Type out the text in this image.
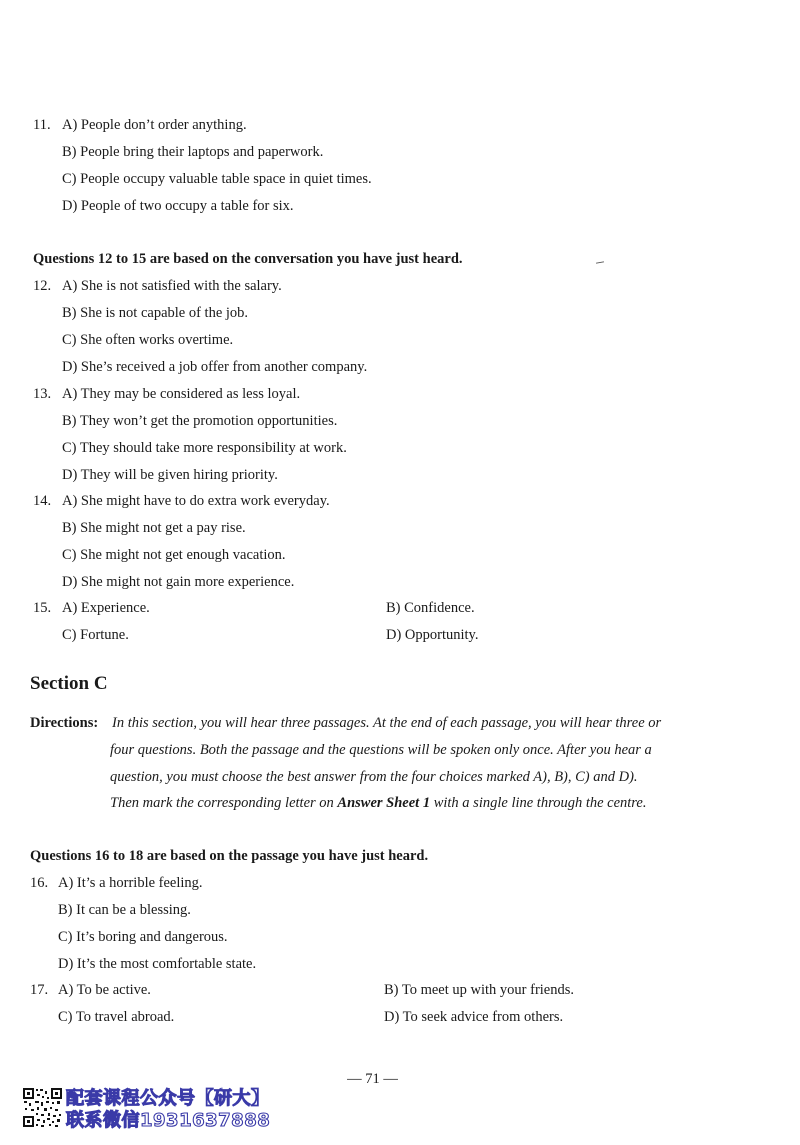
11. A) People don’t order anything.
B) People bring their laptops and paperwork.
C) People occupy valuable table space in quiet times.
D) People of two occupy a table for six.
Questions 12 to 15 are based on the conversation you have just heard.
12. A) She is not satisfied with the salary.
B) She is not capable of the job.
C) She often works overtime.
D) She’s received a job offer from another company.
13. A) They may be considered as less loyal.
B) They won’t get the promotion opportunities.
C) They should take more responsibility at work.
D) They will be given hiring priority.
14. A) She might have to do extra work everyday.
B) She might not get a pay rise.
C) She might not get enough vacation.
D) She might not gain more experience.
15. A) Experience.	B) Confidence.
C) Fortune.	D) Opportunity.
Section C
Directions: In this section, you will hear three passages. At the end of each passage, you will hear three or
four questions. Both the passage and the questions will be spoken only once. After you hear a
question, you must choose the best answer from the four choices marked A), B), C) and D).
Then mark the corresponding letter on Answer Sheet 1 with a single line through the centre.
Questions 16 to 18 are based on the passage you have just heard.
16. A) It’s a horrible feeling.
B) It can be a blessing.
C) It’s boring and dangerous.
D) It’s the most comfortable state.
17. A) To be active.	B) To meet up with your friends.
C) To travel abroad.	D) To seek advice from others.
— 71 —
配套课程公众号【研大】
联系微信1931637888
